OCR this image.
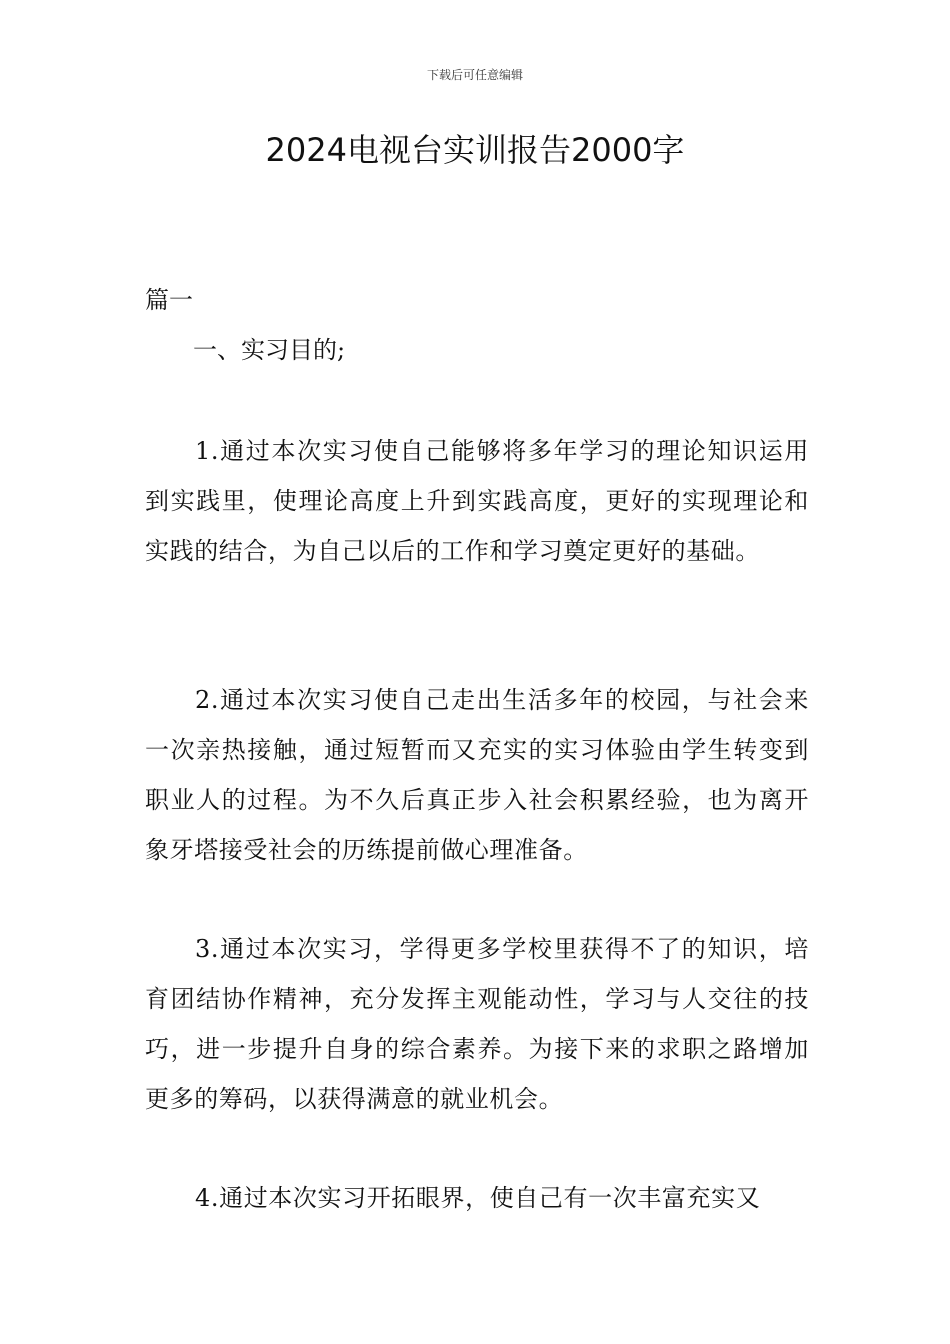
下载后可任意编辑
2024电视台实训报告2000字
篇一
一、实习目的;

1.通过本次实习使自己能够将多年学习的理论知识运用到实践里，使理论高度上升到实践高度，更好的实现理论和实践的结合，为自己以后的工作和学习奠定更好的基础。

2.通过本次实习使自己走出生活多年的校园，与社会来一次亲热接触，通过短暂而又充实的实习体验由学生转变到职业人的过程。为不久后真正步入社会积累经验，也为离开象牙塔接受社会的历练提前做心理准备。

3.通过本次实习，学得更多学校里获得不了的知识，培育团结协作精神，充分发挥主观能动性，学习与人交往的技巧，进一步提升自身的综合素养。为接下来的求职之路增加更多的筹码，以获得满意的就业机会。

4.通过本次实习开拓眼界，使自己有一次丰富充实又
